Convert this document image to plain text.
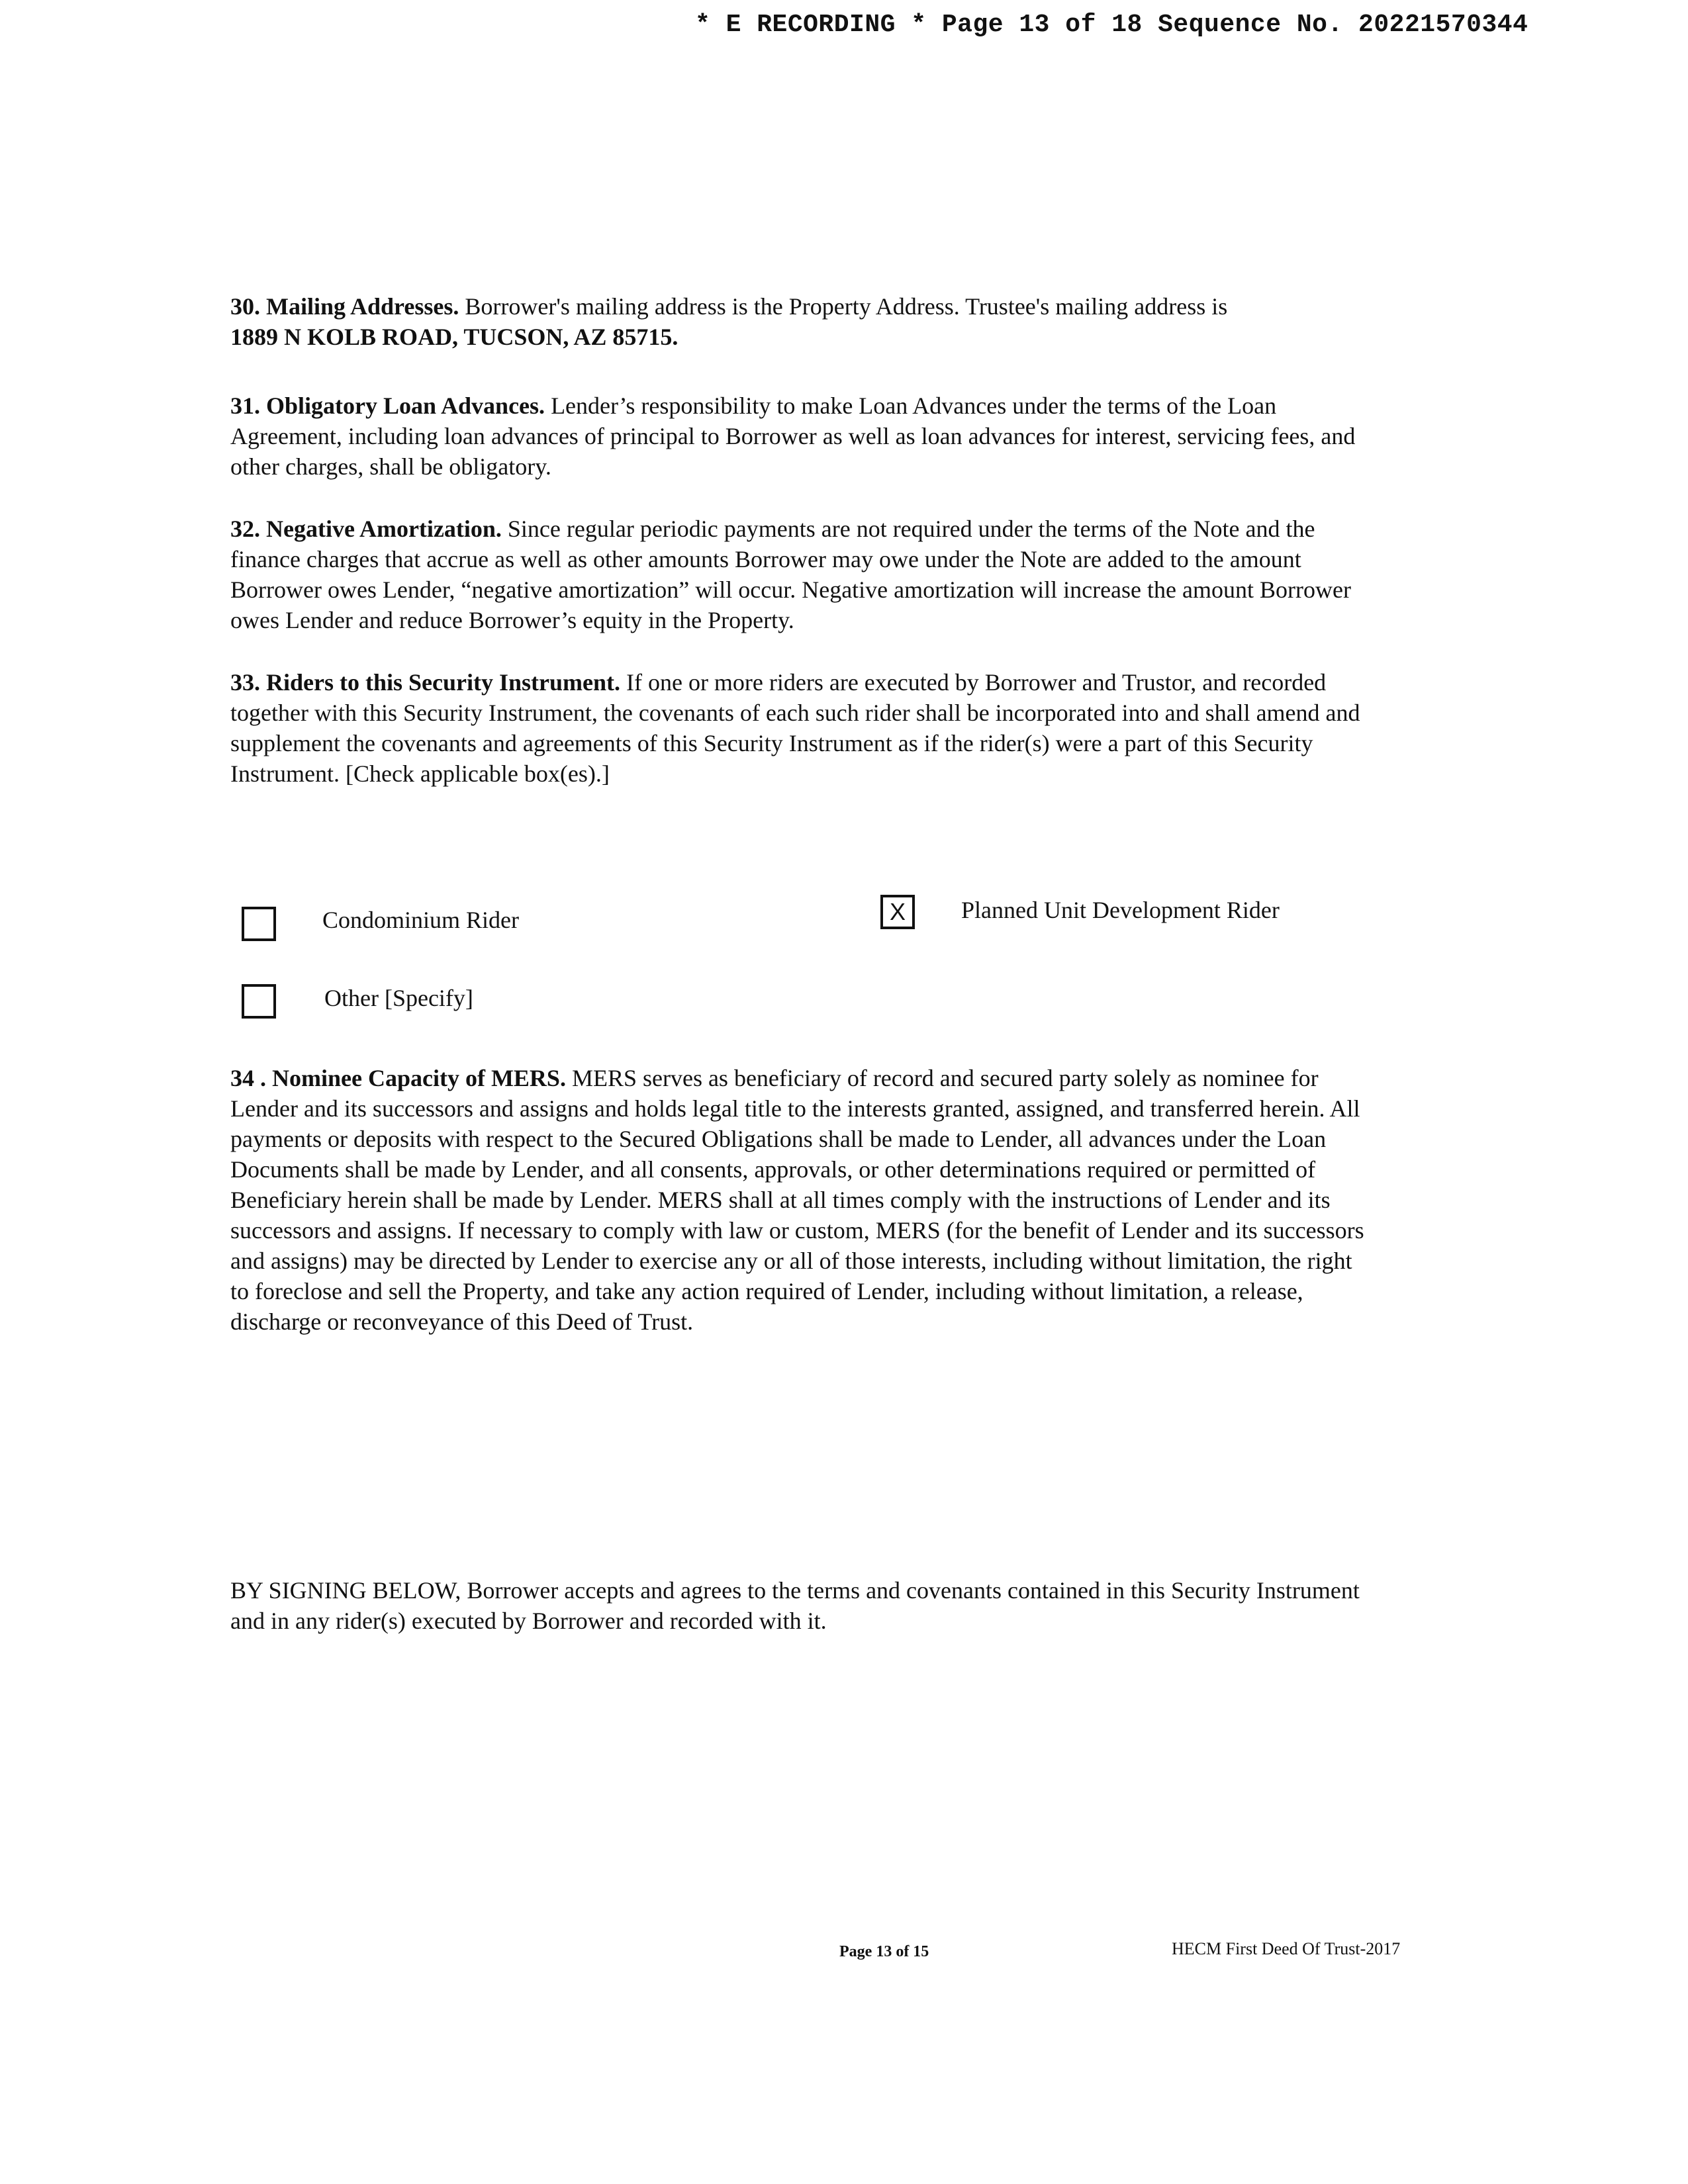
* E RECORDING * Page 13 of 18 Sequence No. 20221570344

30. Mailing Addresses. Borrower's mailing address is the Property Address. Trustee's mailing address is
1889 N KOLB ROAD, TUCSON, AZ 85715.

31. Obligatory Loan Advances. Lender’s responsibility to make Loan Advances under the terms of the Loan Agreement, including loan advances of principal to Borrower as well as loan advances for interest, servicing fees, and other charges, shall be obligatory.

32. Negative Amortization. Since regular periodic payments are not required under the terms of the Note and the finance charges that accrue as well as other amounts Borrower may owe under the Note are added to the amount Borrower owes Lender, “negative amortization” will occur. Negative amortization will increase the amount Borrower owes Lender and reduce Borrower’s equity in the Property.

33. Riders to this Security Instrument. If one or more riders are executed by Borrower and Trustor, and recorded together with this Security Instrument, the covenants of each such rider shall be incorporated into and shall amend and supplement the covenants and agreements of this Security Instrument as if the rider(s) were a part of this Security Instrument. [Check applicable box(es).]

Condominium Rider	X	Planned Unit Development Rider
Other [Specify]

34 . Nominee Capacity of MERS. MERS serves as beneficiary of record and secured party solely as nominee for Lender and its successors and assigns and holds legal title to the interests granted, assigned, and transferred herein. All payments or deposits with respect to the Secured Obligations shall be made to Lender, all advances under the Loan Documents shall be made by Lender, and all consents, approvals, or other determinations required or permitted of Beneficiary herein shall be made by Lender. MERS shall at all times comply with the instructions of Lender and its successors and assigns. If necessary to comply with law or custom, MERS (for the benefit of Lender and its successors and assigns) may be directed by Lender to exercise any or all of those interests, including without limitation, the right to foreclose and sell the Property, and take any action required of Lender, including without limitation, a release, discharge or reconveyance of this Deed of Trust.

BY SIGNING BELOW, Borrower accepts and agrees to the terms and covenants contained in this Security Instrument and in any rider(s) executed by Borrower and recorded with it.

Page 13 of 15	HECM First Deed Of Trust-2017
